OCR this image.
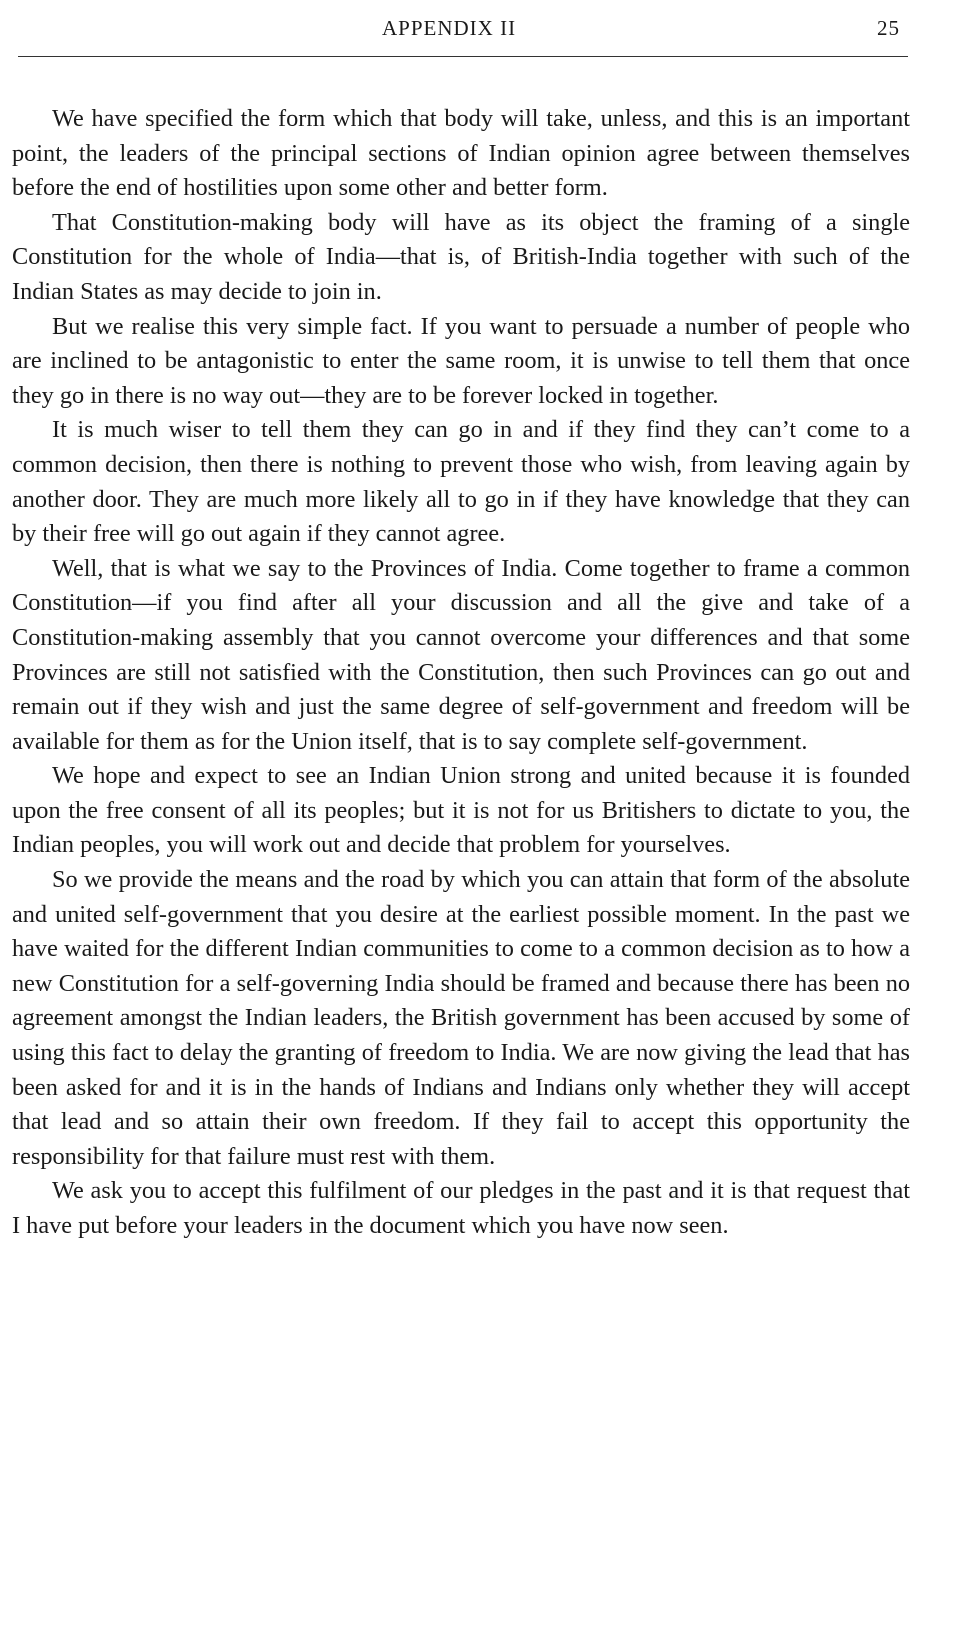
APPENDIX II	25

We have specified the form which that body will take, unless, and this is an important point, the leaders of the principal sections of Indian opinion agree between themselves before the end of hostilities upon some other and better form.

That Constitution-making body will have as its object the framing of a single Constitution for the whole of India—that is, of British-India together with such of the Indian States as may decide to join in.

But we realise this very simple fact. If you want to persuade a number of people who are inclined to be antagonistic to enter the same room, it is unwise to tell them that once they go in there is no way out—they are to be forever locked in together.

It is much wiser to tell them they can go in and if they find they can’t come to a common decision, then there is nothing to prevent those who wish, from leaving again by another door. They are much more likely all to go in if they have knowledge that they can by their free will go out again if they cannot agree.

Well, that is what we say to the Provinces of India. Come together to frame a common Constitution—if you find after all your discussion and all the give and take of a Constitution-making assembly that you cannot overcome your differences and that some Provinces are still not satisfied with the Constitution, then such Provinces can go out and remain out if they wish and just the same degree of self-government and freedom will be available for them as for the Union itself, that is to say complete self-government.

We hope and expect to see an Indian Union strong and united because it is founded upon the free consent of all its peoples; but it is not for us Britishers to dictate to you, the Indian peoples, you will work out and decide that problem for yourselves.

So we provide the means and the road by which you can attain that form of the absolute and united self-government that you desire at the earliest possible moment. In the past we have waited for the different Indian communities to come to a common decision as to how a new Constitution for a self-governing India should be framed and because there has been no agreement amongst the Indian leaders, the British government has been accused by some of using this fact to delay the granting of freedom to India. We are now giving the lead that has been asked for and it is in the hands of Indians and Indians only whether they will accept that lead and so attain their own freedom. If they fail to accept this opportunity the responsibility for that failure must rest with them.

We ask you to accept this fulfilment of our pledges in the past and it is that request that I have put before your leaders in the document which you have now seen.
